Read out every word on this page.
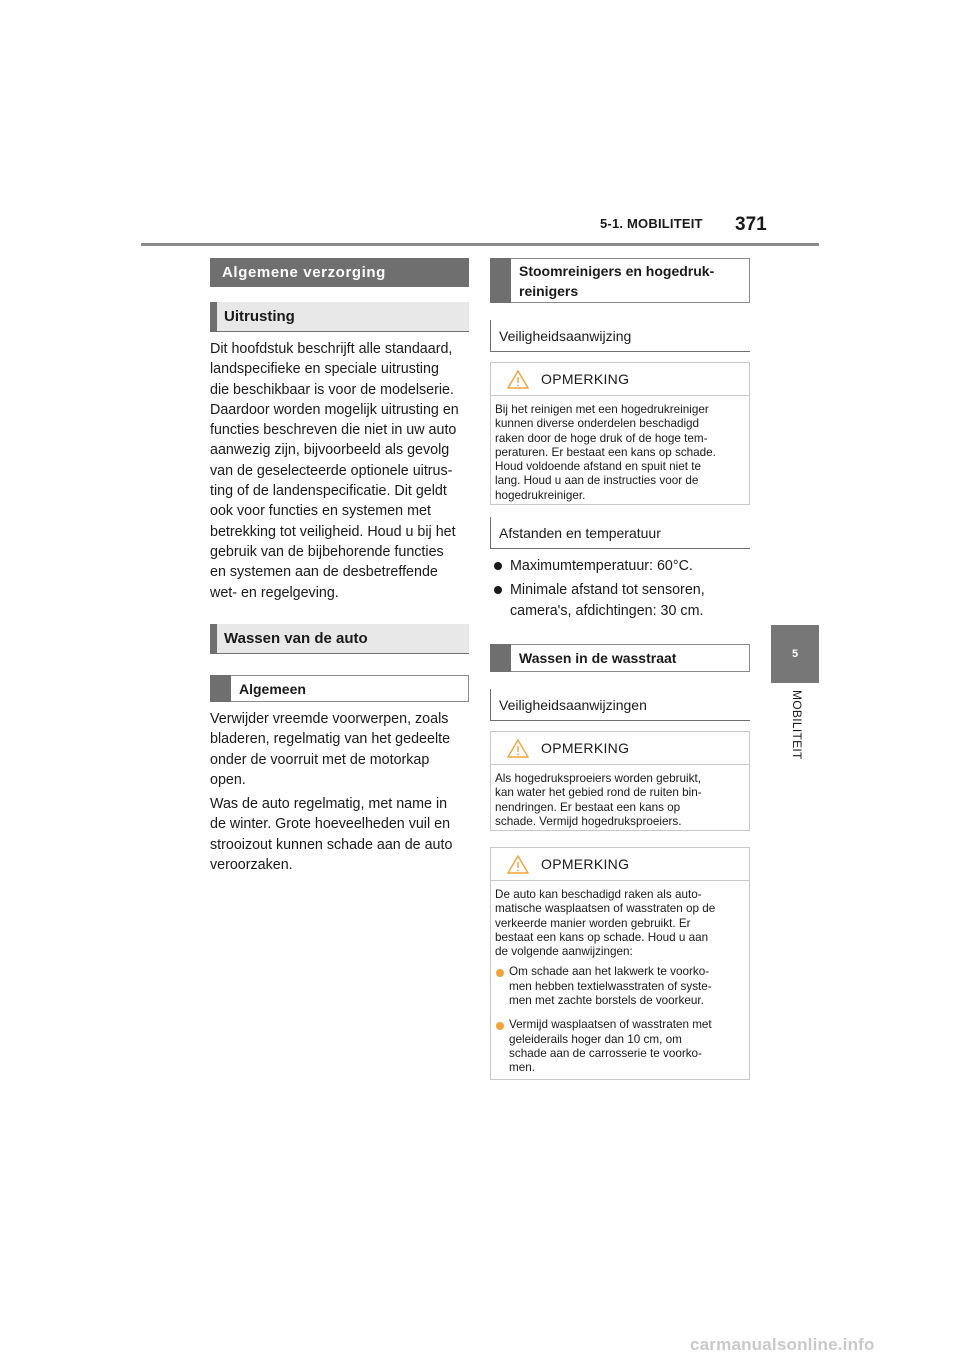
5-1. MOBILITEIT 371
5
MOBILITEIT
Algemene verzorging
Uitrusting
Dit hoofdstuk beschrijft alle standaard,
landspecifieke en speciale uitrusting
die beschikbaar is voor de modelserie.
Daardoor worden mogelijk uitrusting en
functies beschreven die niet in uw auto
aanwezig zijn, bijvoorbeeld als gevolg
van de geselecteerde optionele uitrus-
ting of de landenspecificatie. Dit geldt
ook voor functies en systemen met
betrekking tot veiligheid. Houd u bij het
gebruik van de bijbehorende functies
en systemen aan de desbetreffende
wet- en regelgeving.
Wassen van de auto
Algemeen
Verwijder vreemde voorwerpen, zoals
bladeren, regelmatig van het gedeelte
onder de voorruit met de motorkap
open.
Was de auto regelmatig, met name in
de winter. Grote hoeveelheden vuil en
strooizout kunnen schade aan de auto
veroorzaken.
Stoomreinigers en hogedruk-
reinigers
Veiligheidsaanwijzing
OPMERKING
Bij het reinigen met een hogedrukreiniger
kunnen diverse onderdelen beschadigd
raken door de hoge druk of de hoge tem-
peraturen. Er bestaat een kans op schade.
Houd voldoende afstand en spuit niet te
lang. Houd u aan de instructies voor de
hogedrukreiniger.
Afstanden en temperatuur
Maximumtemperatuur: 60°C.
Minimale afstand tot sensoren,
camera's, afdichtingen: 30 cm.
Wassen in de wasstraat
Veiligheidsaanwijzingen
OPMERKING
Als hogedruksproeiers worden gebruikt,
kan water het gebied rond de ruiten bin-
nendringen. Er bestaat een kans op
schade. Vermijd hogedruksproeiers.
OPMERKING
De auto kan beschadigd raken als auto-
matische wasplaatsen of wasstraten op de
verkeerde manier worden gebruikt. Er
bestaat een kans op schade. Houd u aan
de volgende aanwijzingen:
Om schade aan het lakwerk te voorko-
men hebben textielwasstraten of syste-
men met zachte borstels de voorkeur.
Vermijd wasplaatsen of wasstraten met
geleiderails hoger dan 10 cm, om
schade aan de carrosserie te voorko-
men.
carmanualsonline.info
